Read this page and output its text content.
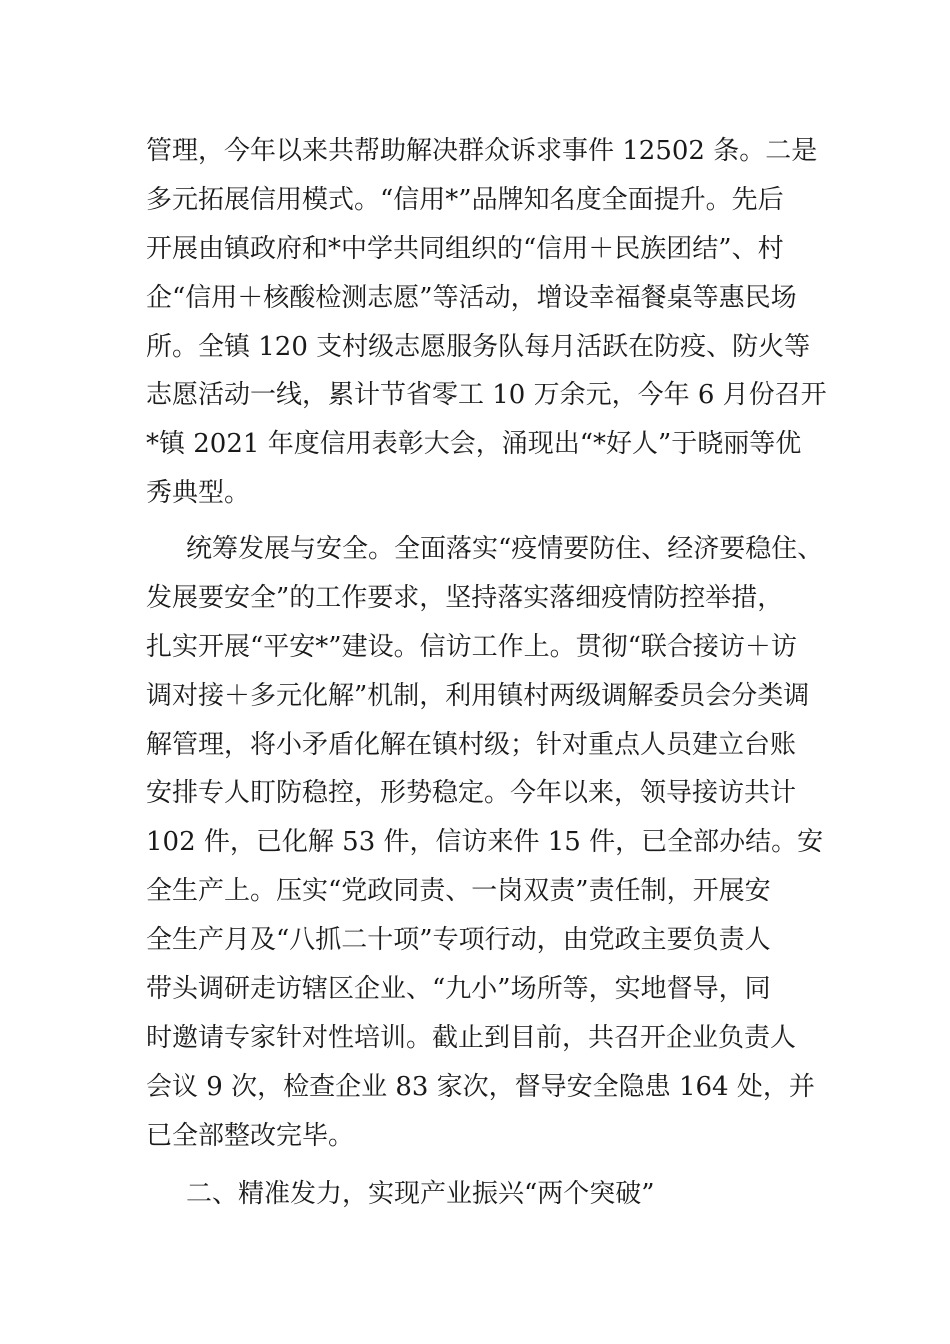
管理，今年以来共帮助解决群众诉求事件 12502 条。二是
多元拓展信用模式。“信用*”品牌知名度全面提升。先后
开展由镇政府和*中学共同组织的“信用＋民族团结”、村
企“信用＋核酸检测志愿”等活动，增设幸福餐桌等惠民场
所。全镇 120 支村级志愿服务队每月活跃在防疫、防火等
志愿活动一线，累计节省零工 10 万余元，今年 6 月份召开
*镇 2021 年度信用表彰大会，涌现出“*好人”于晓丽等优
秀典型。
统筹发展与安全。全面落实“疫情要防住、经济要稳住、
发展要安全”的工作要求，坚持落实落细疫情防控举措，
扎实开展“平安*”建设。信访工作上。贯彻“联合接访＋访
调对接＋多元化解”机制，利用镇村两级调解委员会分类调
解管理，将小矛盾化解在镇村级；针对重点人员建立台账
安排专人盯防稳控，形势稳定。今年以来，领导接访共计
102 件，已化解 53 件，信访来件 15 件，已全部办结。安
全生产上。压实“党政同责、一岗双责”责任制，开展安
全生产月及“八抓二十项”专项行动，由党政主要负责人
带头调研走访辖区企业、“九小”场所等，实地督导，同
时邀请专家针对性培训。截止到目前，共召开企业负责人
会议 9 次，检查企业 83 家次，督导安全隐患 164 处，并
已全部整改完毕。
二、精准发力，实现产业振兴“两个突破”
